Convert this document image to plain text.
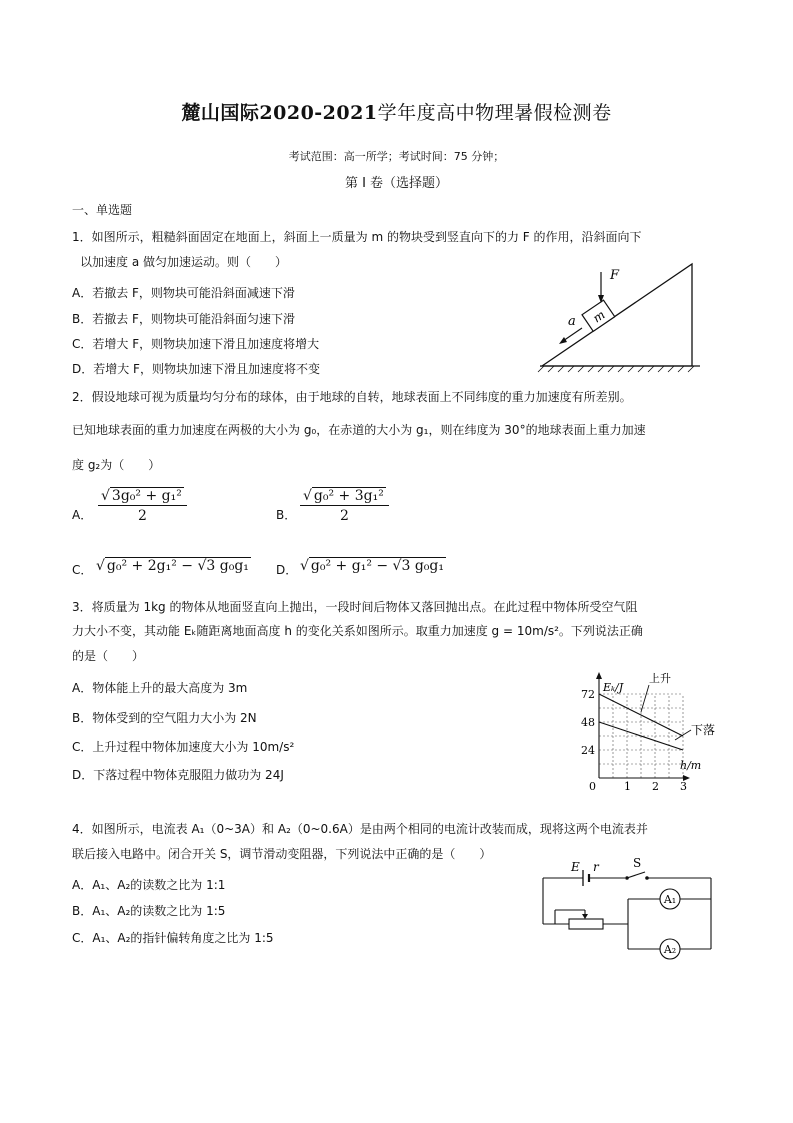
麓山国际2020-2021学年度高中物理暑假检测卷
考试范围：高一所学；考试时间：75 分钟；
第 I 卷（选择题）
一、单选题
1．如图所示，粗糙斜面固定在地面上，斜面上一质量为 m 的物块受到竖直向下的力 F 的作用，沿斜面向下
以加速度 a 做匀加速运动。则（　　）
A．若撤去 F，则物块可能沿斜面减速下滑
B．若撤去 F，则物块可能沿斜面匀速下滑
C．若增大 F，则物块加速下滑且加速度将增大
D．若增大 F，则物块加速下滑且加速度将不变
m
F
a
2．假设地球可视为质量均匀分布的球体，由于地球的自转，地球表面上不同纬度的重力加速度有所差别。
已知地球表面的重力加速度在两极的大小为 g₀，在赤道的大小为 g₁，则在纬度为 30°的地球表面上重力加速
度 g₂为（　　）
A． $\frac{\text{√ 3g₀² + g₁²}}{2}$	B． $\frac{\text{√ g₀² + 3g₁²}}{2}$
C． √ g₀² + 2g₁² − √3 g₀g₁ D． √ g₀² + g₁² − √3 g₀g₁
3．将质量为 1kg 的物体从地面竖直向上抛出，一段时间后物体又落回抛出点。在此过程中物体所受空气阻
力大小不变，其动能 Eₖ随距离地面高度 h 的变化关系如图所示。取重力加速度 g = 10m/s²。下列说法正确
的是（　　）
A．物体能上升的最大高度为 3m
B．物体受到的空气阻力大小为 2N
C．上升过程中物体加速度大小为 10m/s²
D．下落过程中物体克服阻力做功为 24J
Eₖ/J
h/m
0	1 2 3
24
48
72
上升
下落
4．如图所示，电流表 A₁（0~3A）和 A₂（0~0.6A）是由两个相同的电流计改装而成，现将这两个电流表并
联后接入电路中。闭合开关 S，调节滑动变阻器，下列说法中正确的是（　　）
A．A₁、A₂的读数之比为 1:1
B．A₁、A₂的读数之比为 1:5
C．A₁、A₂的指针偏转角度之比为 1:5
E r	S
A₁
A₂
